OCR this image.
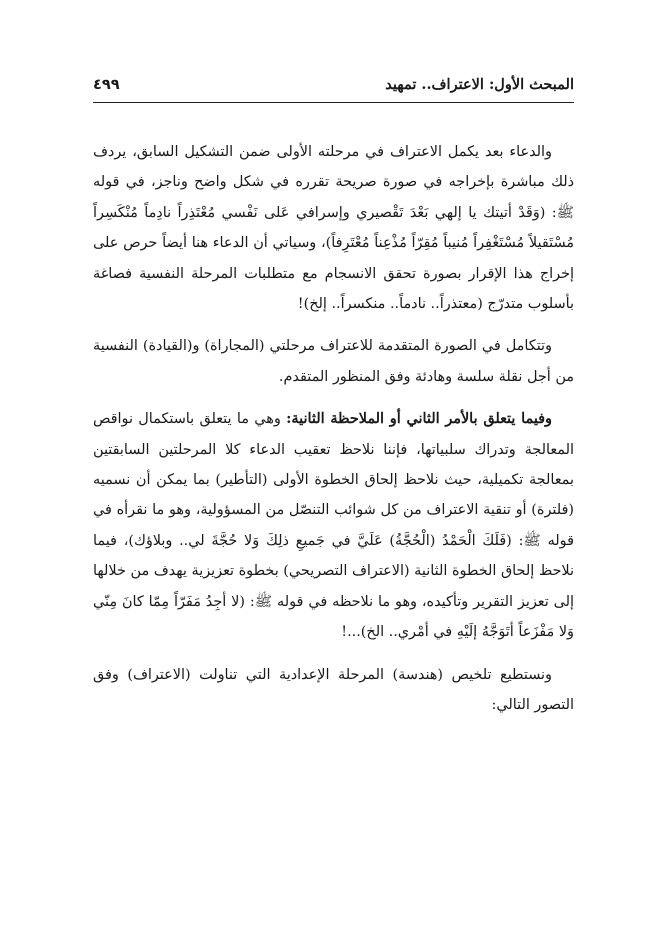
المبحث الأول: الاعتراف.. تمهيد
٤٩٩

والدعاء بعد يكمل الاعتراف في مرحلته الأولى ضمن التشكيل السابق، يردف ذلك مباشرة بإخراجه في صورة صريحة تقرره في شكل واضح وناجز، في قوله ﷺ: (وَقَدْ أتيتك يا إلهي بَعْدَ تَقْصيري وإسرافي عَلى نَفْسي مُعْتَذِراً نادِماً مُنْكَسِراً مُسْتَقيلاً مُسْتَغْفِراً مُنيباً مُقِرّاً مُذْعِناً مُعْتَرِفاً)، وسياتي أن الدعاء هنا أيضاً حرص على إخراج هذا الإقرار بصورة تحقق الانسجام مع متطلبات المرحلة النفسية فصاغة بأسلوب متدرّج (معتذراً.. نادماً.. منكسراً.. إلخ)!

وتتكامل في الصورة المتقدمة للاعتراف مرحلتي (المجاراة) و(القيادة) النفسية من أجل نقلة سلسة وهادئة وفق المنظور المتقدم.

وفيما يتعلق بالأمر الثاني أو الملاحظة الثانية: وهي ما يتعلق باستكمال نواقص المعالجة وتدراك سلبياتها، فإننا نلاحظ تعقيب الدعاء كلا المرحلتين السابقتين بمعالجة تكميلية، حيث نلاحظ إلحاق الخطوة الأولى (التأطير) بما يمكن أن نسميه (فلترة) أو تنقية الاعتراف من كل شوائب التنصّل من المسؤولية، وهو ما نقرأه في قوله ﷺ: (فَلَكَ الْحَمْدُ (الْحُجَّةُ) عَلَيَّ في جَميعِ ذلِكَ وَلا حُجَّةَ لي.. وبلاؤك)، فيما نلاحظ إلحاق الخطوة الثانية (الاعتراف التصريحي) بخطوة تعزيزية يهدف من خلالها إلى تعزيز التقرير وتأكيده، وهو ما نلاحظه في قوله ﷺ: (لا أجِدُ مَفَرّاً مِمّا كانَ مِنّي وَلا مَفْزَعاً أتَوَجَّهُ إلَيْهِ في أمْري.. الخ)...!

ونستطيع تلخيص (هندسة) المرحلة الإعدادية التي تناولت (الاعتراف) وفق التصور التالي:
